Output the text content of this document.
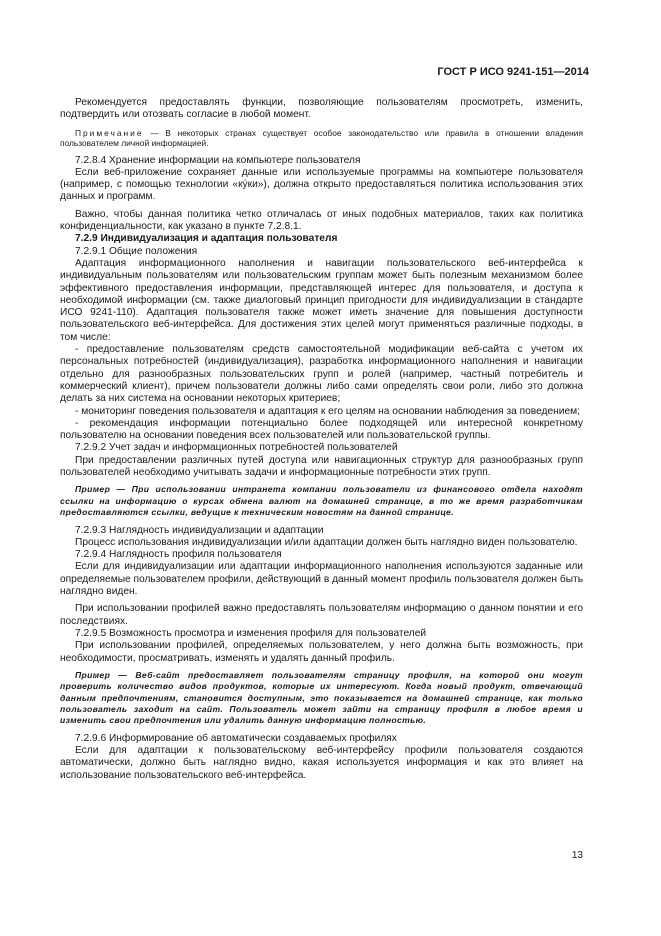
ГОСТ Р ИСО 9241-151—2014

Рекомендуется предоставлять функции, позволяющие пользователям просмотреть, изменить, подтвердить или отозвать согласие в любой момент.

Примечание — В некоторых странах существует особое законодательство или правила в отношении владения пользователем личной информацией.

7.2.8.4 Хранение информации на компьютере пользователя

Если веб-приложение сохраняет данные или используемые программы на компьютере пользователя (например, с помощью технологии «кýки»), должна открыто предоставляться политика использования этих данных и программ.

Важно, чтобы данная политика четко отличалась от иных подобных материалов, таких как политика конфиденциальности, как указано в пункте 7.2.8.1.

7.2.9 Индивидуализация и адаптация пользователя

7.2.9.1 Общие положения

Адаптация информационного наполнения и навигации пользовательского веб-интерфейса к индивидуальным пользователям или пользовательским группам может быть полезным механизмом более эффективного предоставления информации, представляющей интерес для пользователя, и доступа к необходимой информации (см. также диалоговый принцип пригодности для индивидуализации в стандарте ИСО 9241-110). Адаптация пользователя также может иметь значение для повышения доступности пользовательского веб-интерфейса. Для достижения этих целей могут применяться различные подходы, в том числе:

- предоставление пользователям средств самостоятельной модификации веб-сайта с учетом их персональных потребностей (индивидуализация), разработка информационного наполнения и навигации отдельно для разнообразных пользовательских групп и ролей (например, частный потребитель и коммерческий клиент), причем пользователи должны либо сами определять свои роли, либо это должна делать за них система на основании некоторых критериев;

- мониторинг поведения пользователя и адаптация к его целям на основании наблюдения за поведением;

- рекомендация информации потенциально более подходящей или интересной конкретному пользователю на основании поведения всех пользователей или пользовательской группы.

7.2.9.2 Учет задач и информационных потребностей пользователей

При предоставлении различных путей доступа или навигационных структур для разнообразных групп пользователей необходимо учитывать задачи и информационные потребности этих групп.

Пример — При использовании интранета компании пользователи из финансового отдела находят ссылки на информацию о курсах обмена валют на домашней странице, в то же время разработчикам предоставляются ссылки, ведущие к техническим новостям на данной странице.

7.2.9.3 Наглядность индивидуализации и адаптации

Процесс использования индивидуализации и/или адаптации должен быть наглядно виден пользователю.

7.2.9.4 Наглядность профиля пользователя

Если для индивидуализации или адаптации информационного наполнения используются заданные или определяемые пользователем профили, действующий в данный момент профиль пользователя должен быть наглядно виден.

При использовании профилей важно предоставлять пользователям информацию о данном понятии и его последствиях.

7.2.9.5 Возможность просмотра и изменения профиля для пользователей

При использовании профилей, определяемых пользователем, у него должна быть возможность, при необходимости, просматривать, изменять и удалять данный профиль.

Пример — Веб-сайт предоставляет пользователям страницу профиля, на которой они могут проверить количество видов продуктов, которые их интересуют. Когда новый продукт, отвечающий данным предпочтениям, становится доступным, это показывается на домашней странице, как только пользователь заходит на сайт. Пользователь может зайти на страницу профиля в любое время и изменить свои предпочтения или удалить данную информацию полностью.

7.2.9.6 Информирование об автоматически создаваемых профилях

Если для адаптации к пользовательскому веб-интерфейсу профили пользователя создаются автоматически, должно быть наглядно видно, какая используется информация и как это влияет на использование пользовательского веб-интерфейса.

13
